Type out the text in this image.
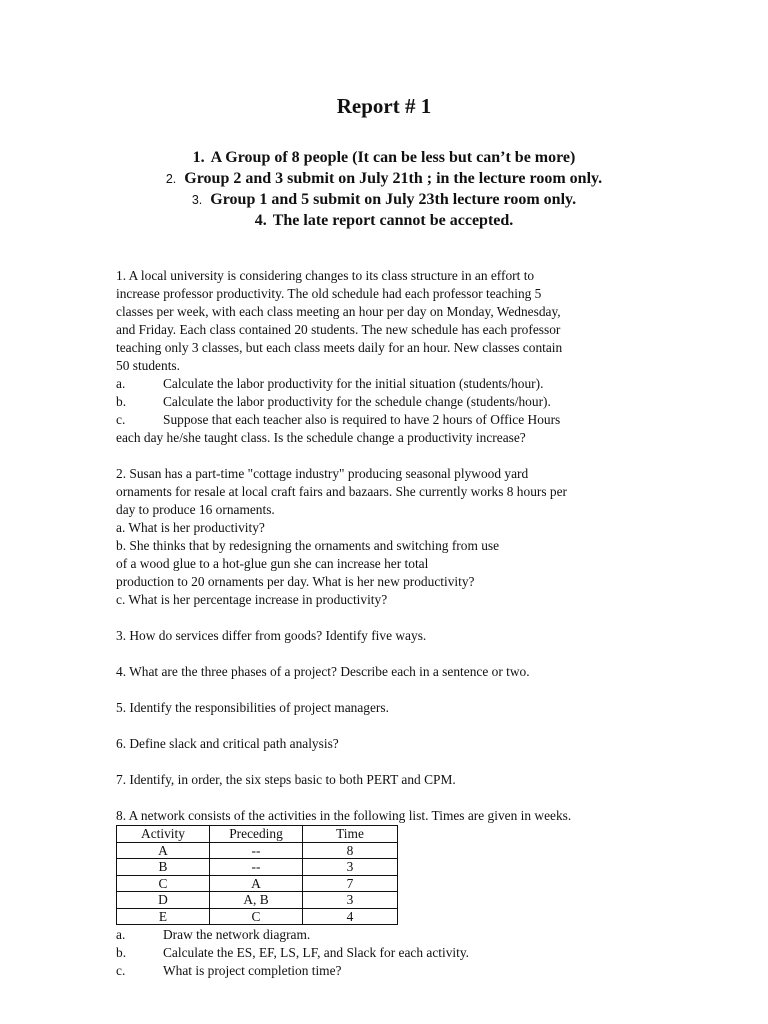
Report # 1
1. A Group of 8 people (It can be less but can’t be more)
2. Group 2 and 3 submit on July 21th ; in the lecture room only.
3. Group 1 and 5 submit on July 23th lecture room only.
4. The late report cannot be accepted.

1. A local university is considering changes to its class structure in an effort to

increase professor productivity. The old schedule had each professor teaching 5

classes per week, with each class meeting an hour per day on Monday, Wednesday,

and Friday. Each class contained 20 students. The new schedule has each professor

teaching only 3 classes, but each class meets daily for an hour. New classes contain

50 students.

a.	Calculate the labor productivity for the initial situation (students/hour).

b.	Calculate the labor productivity for the schedule change (students/hour).

c.	Suppose that each teacher also is required to have 2 hours of Office Hours

each day he/she taught class. Is the schedule change a productivity increase?

2. Susan has a part-time "cottage industry" producing seasonal plywood yard

ornaments for resale at local craft fairs and bazaars. She currently works 8 hours per

day to produce 16 ornaments.

a. What is her productivity?

b. She thinks that by redesigning the ornaments and switching from use

of a wood glue to a hot-glue gun she can increase her total

production to 20 ornaments per day. What is her new productivity?

c. What is her percentage increase in productivity?

3. How do services differ from goods? Identify five ways.

4. What are the three phases of a project? Describe each in a sentence or two.

5. Identify the responsibilities of project managers.

6. Define slack and critical path analysis?

7. Identify, in order, the six steps basic to both PERT and CPM.

8. A network consists of the activities in the following list. Times are given in weeks.

Activity	Preceding	Time
A	--	8
B	--	3
C	A	7
D	A, B	3
E	C	4

a.	Draw the network diagram.

b.	Calculate the ES, EF, LS, LF, and Slack for each activity.

c.	What is project completion time?
